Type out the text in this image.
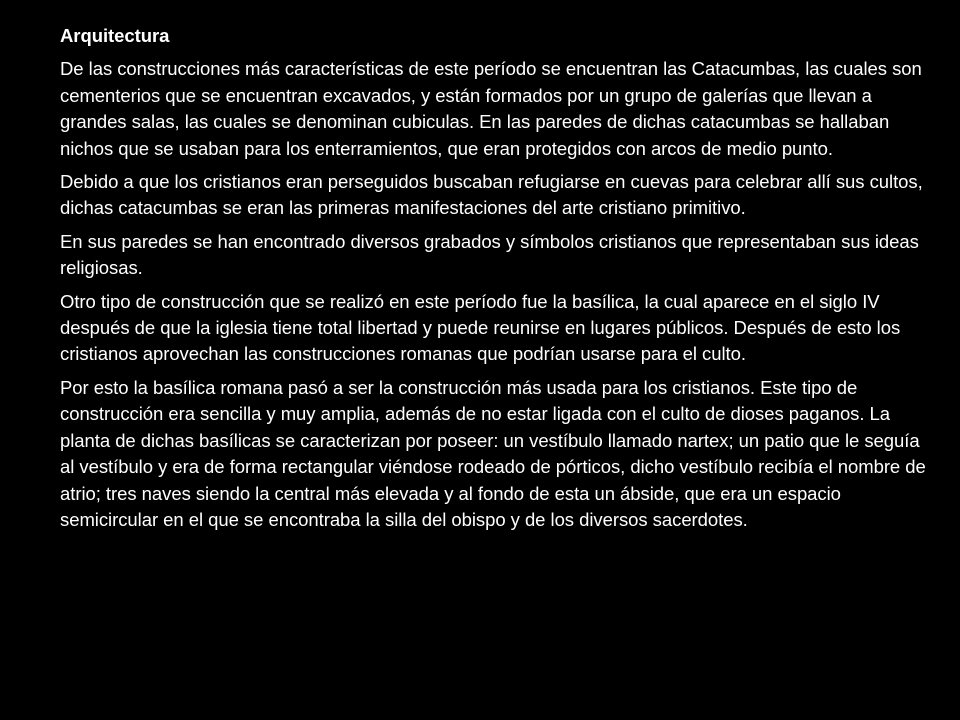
Arquitectura

De las construcciones más características de este período se encuentran las Catacumbas, las cuales son cementerios que se encuentran excavados, y están formados por un grupo de galerías que llevan a grandes salas, las cuales se denominan cubiculas. En las paredes de dichas catacumbas se hallaban nichos que se usaban para los enterramientos, que eran protegidos con arcos de medio punto.

Debido a que los cristianos eran perseguidos buscaban refugiarse en cuevas para celebrar allí sus cultos, dichas catacumbas se eran las primeras manifestaciones del arte cristiano primitivo.

En sus paredes se han encontrado diversos grabados y símbolos cristianos que representaban sus ideas religiosas.

Otro tipo de construcción que se realizó en este período fue la basílica, la cual aparece en el siglo IV después de que la iglesia tiene total libertad y puede reunirse en lugares públicos. Después de esto los cristianos aprovechan las construcciones romanas que podrían usarse para el culto.

Por esto la basílica romana pasó a ser la construcción más usada para los cristianos. Este tipo de construcción era sencilla y muy amplia, además de no estar ligada con el culto de dioses paganos. La planta de dichas basílicas se caracterizan por poseer: un vestíbulo llamado nartex; un patio que le seguía al vestíbulo y era de forma rectangular viéndose rodeado de pórticos, dicho vestíbulo recibía el nombre de atrio; tres naves siendo la central más elevada y al fondo de esta un ábside, que era un espacio semicircular en el que se encontraba la silla del obispo y de los diversos sacerdotes.
